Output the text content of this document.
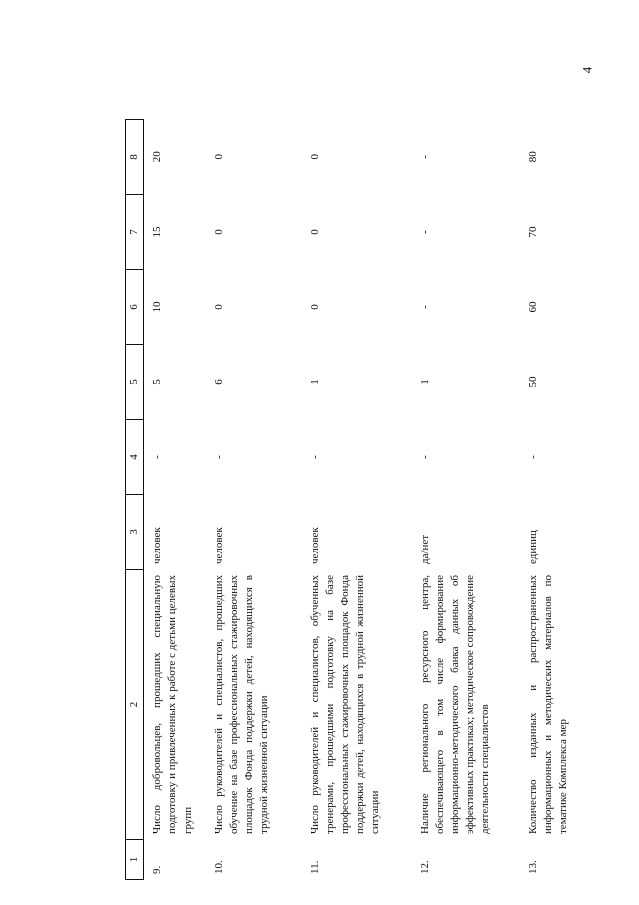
4
1	2	3	4	5	6	7	8
9.	Число добровольцев, прошедших специальную подготовку и привлеченных к работе с детьми целевых групп	человек	-	5	10	15	20
10.	Число руководителей и специалистов, прошедших обучение на базе профессиональных стажировочных площадок Фонда поддержки детей, находящихся в трудной жизненной ситуации	человек	-	6	0	0	0
11.	Число руководителей и специалистов, обученных тренерами, прошедшими подготовку на базе профессиональных стажировочных площадок Фонда поддержки детей, находящихся в трудной жизненной ситуации	человек	-	1	0	0	0
12.	Наличие регионального ресурсного центра, обеспечивающего в том числе формирование информационно-методического банка данных об эффективных практиках; методическое сопровождение деятельности специалистов	да/нет	-	1	-	-	-
13.	Количество изданных и распространенных информационных и методических материалов по тематике Комплекса мер	единиц	-	50	60	70	80
